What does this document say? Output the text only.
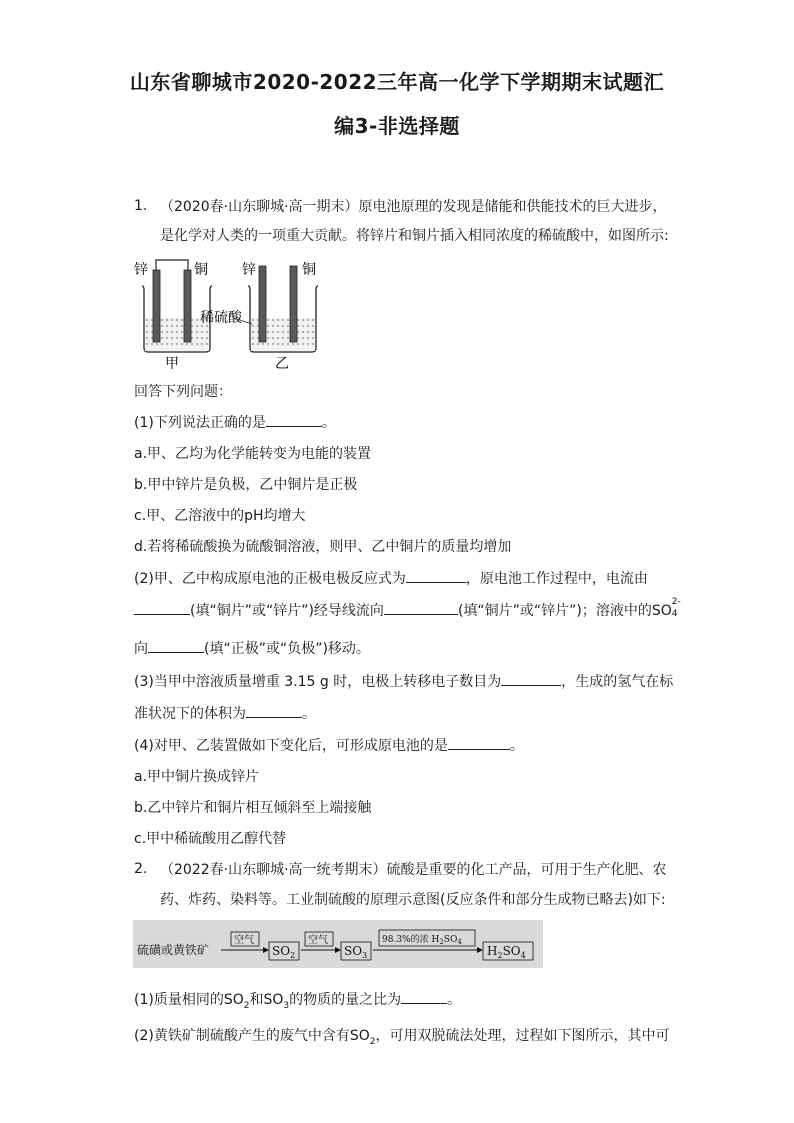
山东省聊城市2020-2022三年高一化学下学期期末试题汇
编3-非选择题
1. （2020春·山东聊城·高一期末）原电池原理的发现是储能和供能技术的巨大进步，
是化学对人类的一项重大贡献。将锌片和铜片插入相同浓度的稀硫酸中，如图所示:
锌	铜 锌	铜
稀硫酸
甲	乙
回答下列问题：
(1)下列说法正确的是	。
a.甲、乙均为化学能转变为电能的装置
b.甲中锌片是负极，乙中铜片是正极
c.甲、乙溶液中的pH均增大
d.若将稀硫酸换为硫酸铜溶液，则甲、乙中铜片的质量均增加
(2)甲、乙中构成原电池的正极电极反应式为	，原电池工作过程中，电流由
(填“铜片”或“锌片”)经导线流向	(填“铜片”或“锌片”)；溶液中的SO 4
2-
向	(填“正极”或“负极”)移动。
(3)当甲中溶液质量增重 3.15 g 时，电极上转移电子数目为	，生成的氢气在标
准状况下的体积为	。
(4)对甲、乙装置做如下变化后，可形成原电池的是	。
a.甲中铜片换成锌片
b.乙中锌片和铜片相互倾斜至上端接触
c.甲中稀硫酸用乙醇代替
2. （2022春·山东聊城·高一统考期末）硫酸是重要的化工产品，可用于生产化肥、农
药、炸药、染料等。工业制硫酸的原理示意图(反应条件和部分生成物已略去)如下:
硫磺或黄铁矿
空气
$SO_2$
空气
$SO_3$
98.3%的浓 $H_2SO_4$
$H_2SO_4$
(1)质量相同的$SO_2$和$SO_3$的物质的量之比为	。
(2)黄铁矿制硫酸产生的废气中含有$SO_2$，可用双脱硫法处理，过程如下图所示，其中可
